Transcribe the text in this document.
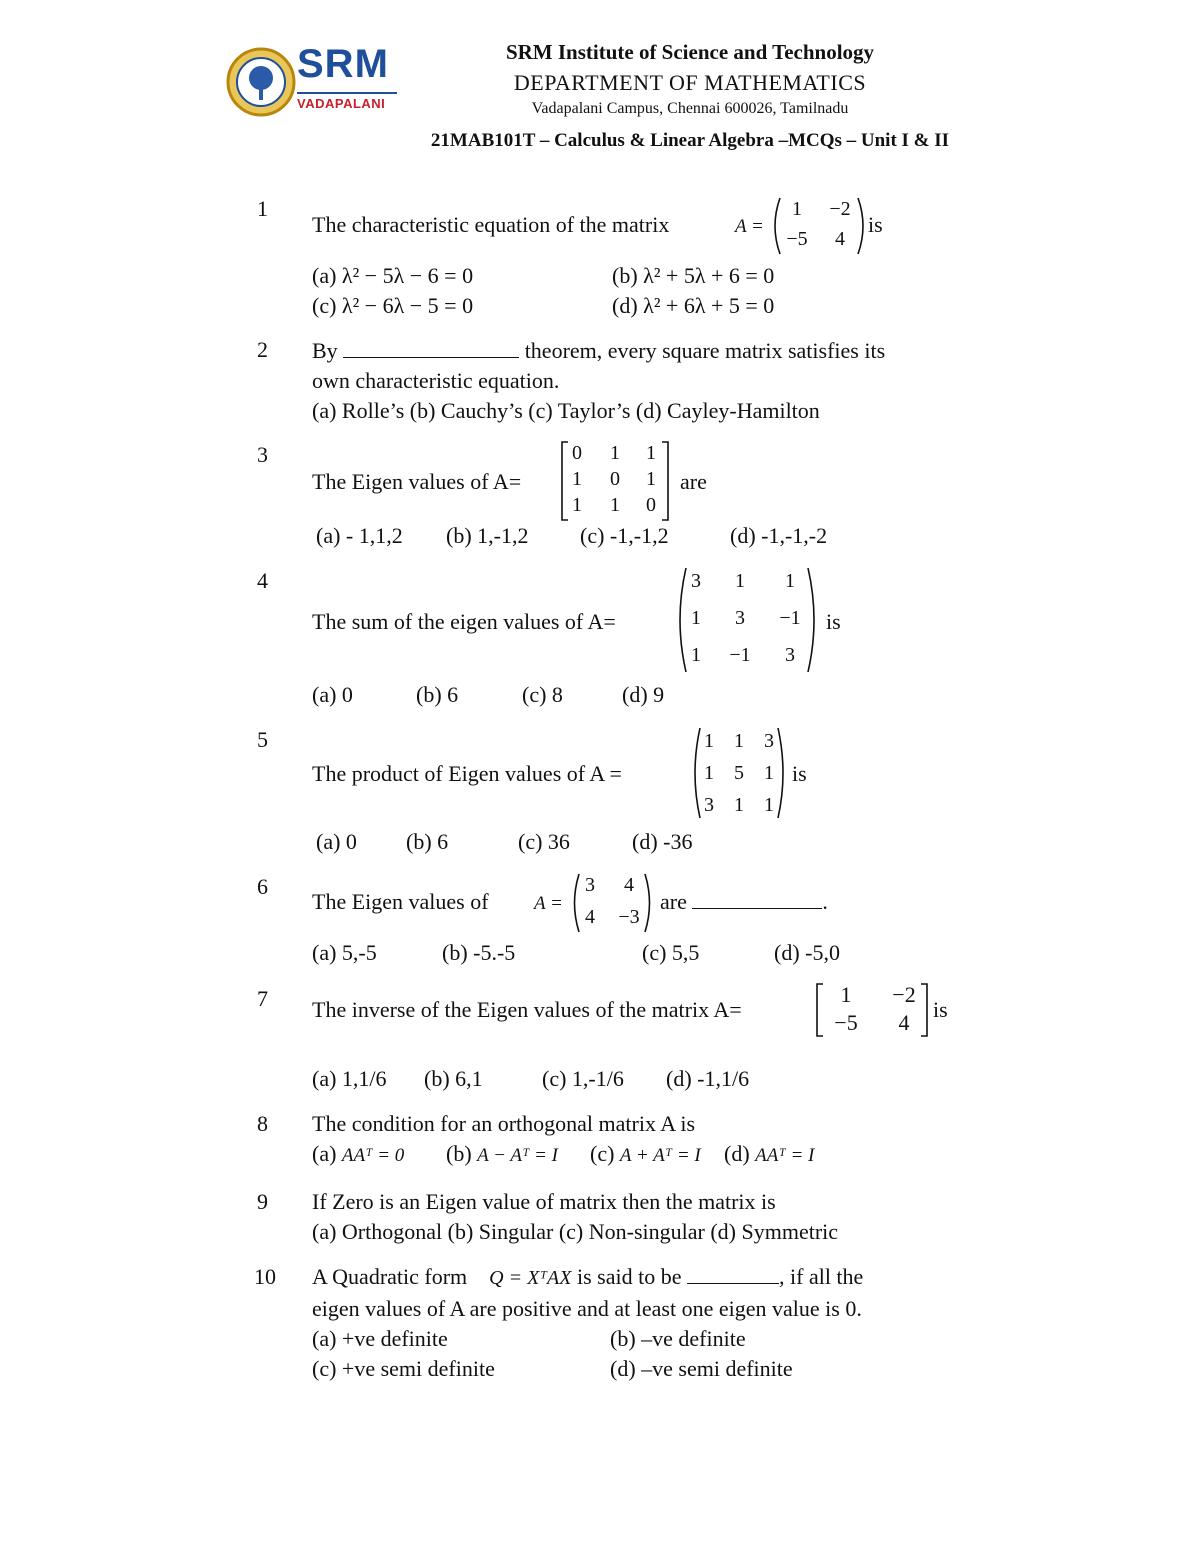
SRM
VADAPALANI
SRM Institute of Science and Technology
DEPARTMENT OF MATHEMATICS
Vadapalani Campus, Chennai 600026, Tamilnadu
21MAB101T – Calculus & Linear Algebra –MCQs – Unit I & II
1
The characteristic equation of the matrix	A =
1	−2
−5	4
is
(a) λ² − 5λ − 6 = 0	(b) λ² + 5λ + 6 = 0
(c) λ² − 6λ − 5 = 0	(d) λ² + 6λ + 5 = 0
2 By	theorem, every square matrix satisfies its
own characteristic equation.
(a) Rolle’s (b) Cauchy’s (c) Taylor’s (d) Cayley-Hamilton
3
The Eigen values of A=
0	1	1
1	0	1
1	1	0
are
(a) - 1,1,2 (b) 1,-1,2 (c) -1,-1,2	(d) -1,-1,-2
4
The sum of the eigen values of A=
3	1	1
1	3	−1
1	−1	3
is
(a) 0	(b) 6	(c) 8	(d) 9
5
The product of Eigen values of A =
1	1	3
1	5	1
3	1	1
is
(a) 0 (b) 6	(c) 36	(d) -36
6
The Eigen values of A =
3	4
4	−3
are	.
(a) 5,-5	(b) -5.-5	(c) 5,5	(d) -5,0
7 The inverse of the Eigen values of the matrix A=
1	−2
−5	4
is
(a) 1,1/6 (b) 6,1	(c) 1,-1/6 (d) -1,1/6
8 The condition for an orthogonal matrix A is
(a) AAᵀ = 0 (b) A − Aᵀ = I (c) A + Aᵀ = I (d) AAᵀ = I
9 If Zero is an Eigen value of matrix then the matrix is
(a) Orthogonal (b) Singular (c) Non-singular (d) Symmetric
10 A Quadratic form Q = XᵀAX is said to be	, if all the
eigen values of A are positive and at least one eigen value is 0.
(a) +ve definite	(b) –ve definite
(c) +ve semi definite	(d) –ve semi definite
